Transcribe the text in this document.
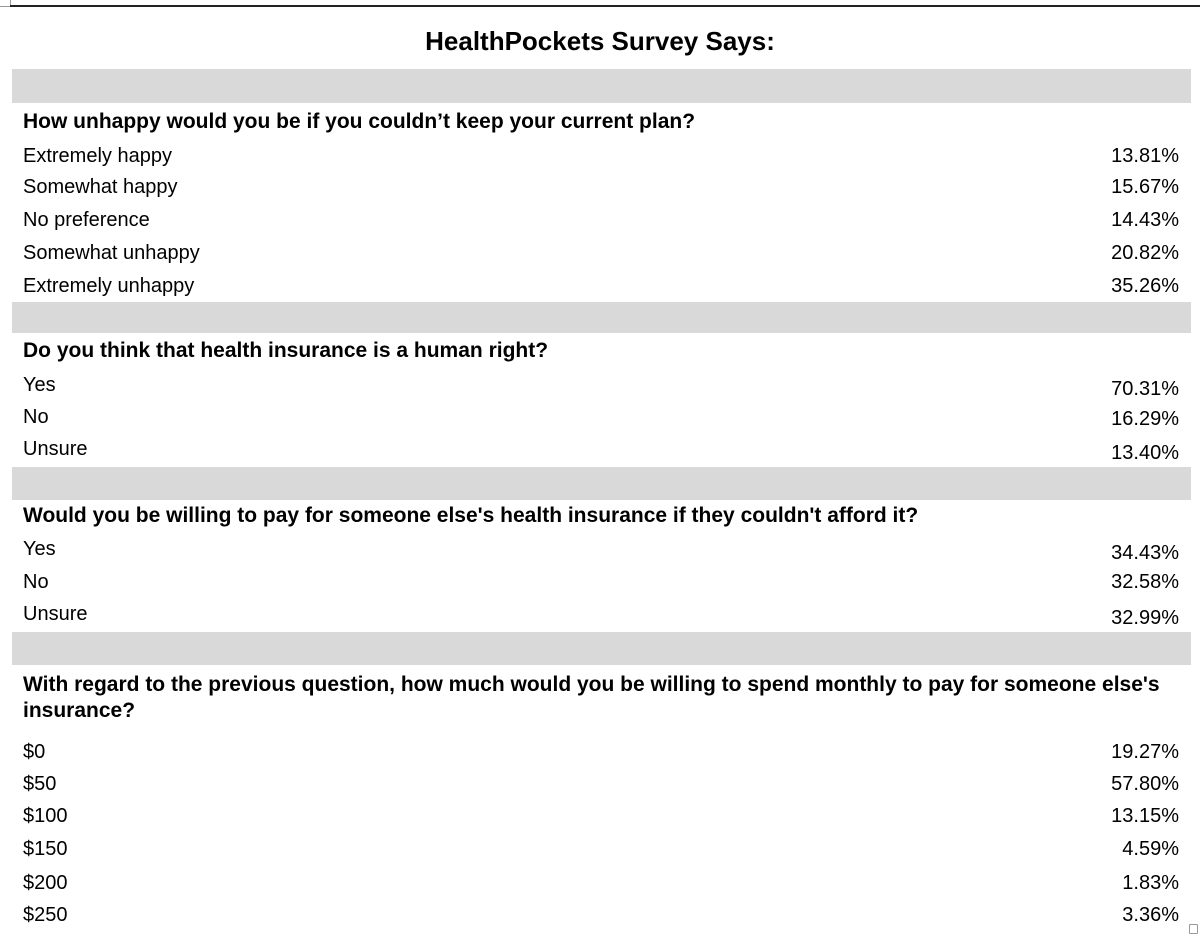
HealthPockets Survey Says:
How unhappy would you be if you couldn’t keep your current plan?
Extremely happy	13.81%
Somewhat happy	15.67%
No preference	14.43%
Somewhat unhappy	20.82%
Extremely unhappy	35.26%
Do you think that health insurance is a human right?
Yes	70.31%
No	16.29%
Unsure	13.40%
Would you be willing to pay for someone else's health insurance if they couldn't afford it?
Yes	34.43%
No	32.58%
Unsure	32.99%
With regard to the previous question, how much would you be willing to spend monthly to pay for someone else's insurance?
$0	19.27%
$50	57.80%
$100	13.15%
$150	4.59%
$200	1.83%
$250	3.36%
